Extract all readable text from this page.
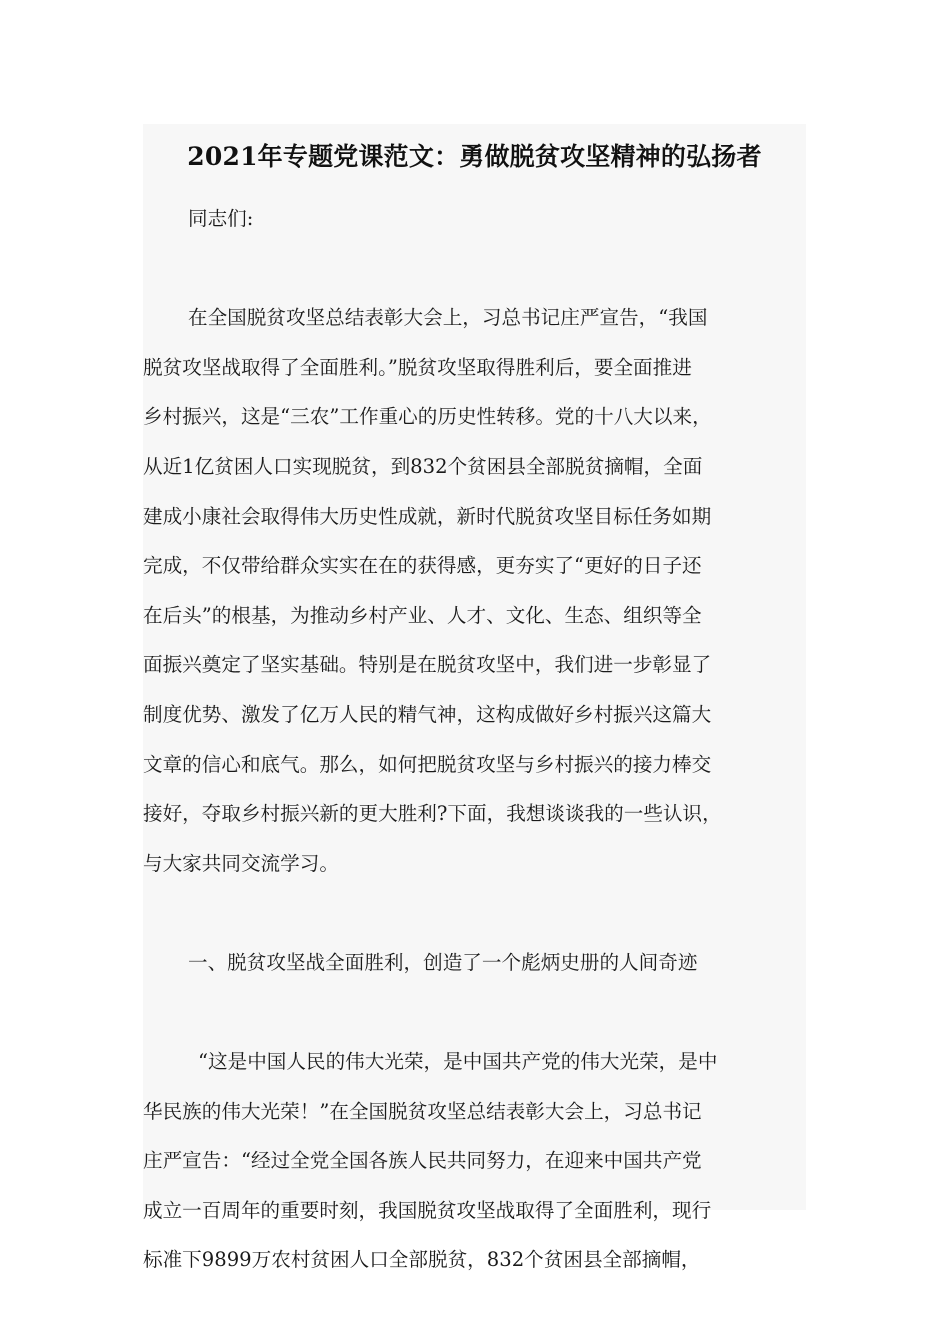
2021年专题党课范文：勇做脱贫攻坚精神的弘扬者
同志们:
在全国脱贫攻坚总结表彰大会上，习总书记庄严宣告，“我国
脱贫攻坚战取得了全面胜利。”脱贫攻坚取得胜利后，要全面推进
乡村振兴，这是“三农”工作重心的历史性转移。党的十八大以来，
从近1亿贫困人口实现脱贫，到832个贫困县全部脱贫摘帽，全面
建成小康社会取得伟大历史性成就，新时代脱贫攻坚目标任务如期
完成，不仅带给群众实实在在的获得感，更夯实了“更好的日子还
在后头”的根基，为推动乡村产业、人才、文化、生态、组织等全
面振兴奠定了坚实基础。特别是在脱贫攻坚中，我们进一步彰显了
制度优势、激发了亿万人民的精气神，这构成做好乡村振兴这篇大
文章的信心和底气。那么，如何把脱贫攻坚与乡村振兴的接力棒交
接好，夺取乡村振兴新的更大胜利?下面，我想谈谈我的一些认识，
与大家共同交流学习。
一、脱贫攻坚战全面胜利，创造了一个彪炳史册的人间奇迹
“这是中国人民的伟大光荣，是中国共产党的伟大光荣，是中
华民族的伟大光荣！”在全国脱贫攻坚总结表彰大会上，习总书记
庄严宣告：“经过全党全国各族人民共同努力，在迎来中国共产党
成立一百周年的重要时刻，我国脱贫攻坚战取得了全面胜利，现行
标准下9899万农村贫困人口全部脱贫，832个贫困县全部摘帽，
